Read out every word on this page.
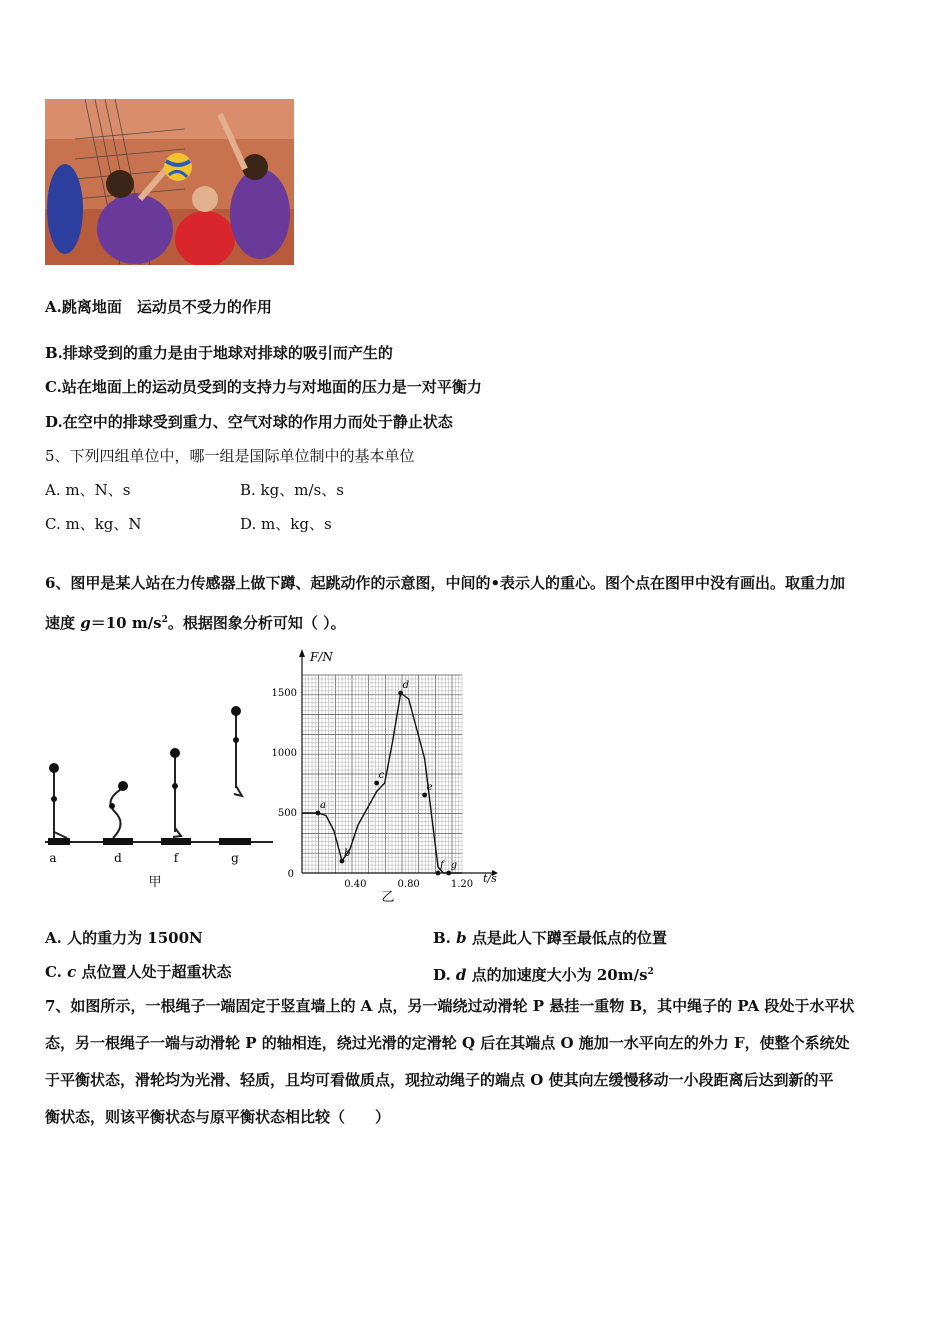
A.跳离地面　运动员不受力的作用
B.排球受到的重力是由于地球对排球的吸引而产生的
C.站在地面上的运动员受到的支持力与对地面的压力是一对平衡力
D.在空中的排球受到重力、空气对球的作用力而处于静止状态
5、下列四组单位中，哪一组是国际单位制中的基本单位
A. m、N、s	B. kg、m/s、s
C. m、kg、N	D. m、kg、s
6、图甲是某人站在力传感器上做下蹲、起跳动作的示意图，中间的•表示人的重心。图个点在图甲中没有画出。取重力加
速度 g＝10 $m/s^2$。根据图象分析可知（ ）。
a	d	f	g
甲	0.40	0.80	1.20
500
1000
1500
0
a
b
c
d
e
f g
F/N
t/s
乙
A. 人的重力为 1500N	B. b 点是此人下蹲至最低点的位置
C. c 点位置人处于超重状态	D. d 点的加速度大小为 $20m/s^2$
7、如图所示，一根绳子一端固定于竖直墙上的 A 点，另一端绕过动滑轮 P 悬挂一重物 B，其中绳子的 PA 段处于水平状
态，另一根绳子一端与动滑轮 P 的轴相连，绕过光滑的定滑轮 Q 后在其端点 O 施加一水平向左的外力 F，使整个系统处
于平衡状态，滑轮均为光滑、轻质，且均可看做质点，现拉动绳子的端点 O 使其向左缓慢移动一小段距离后达到新的平
衡状态，则该平衡状态与原平衡状态相比较（　　）
